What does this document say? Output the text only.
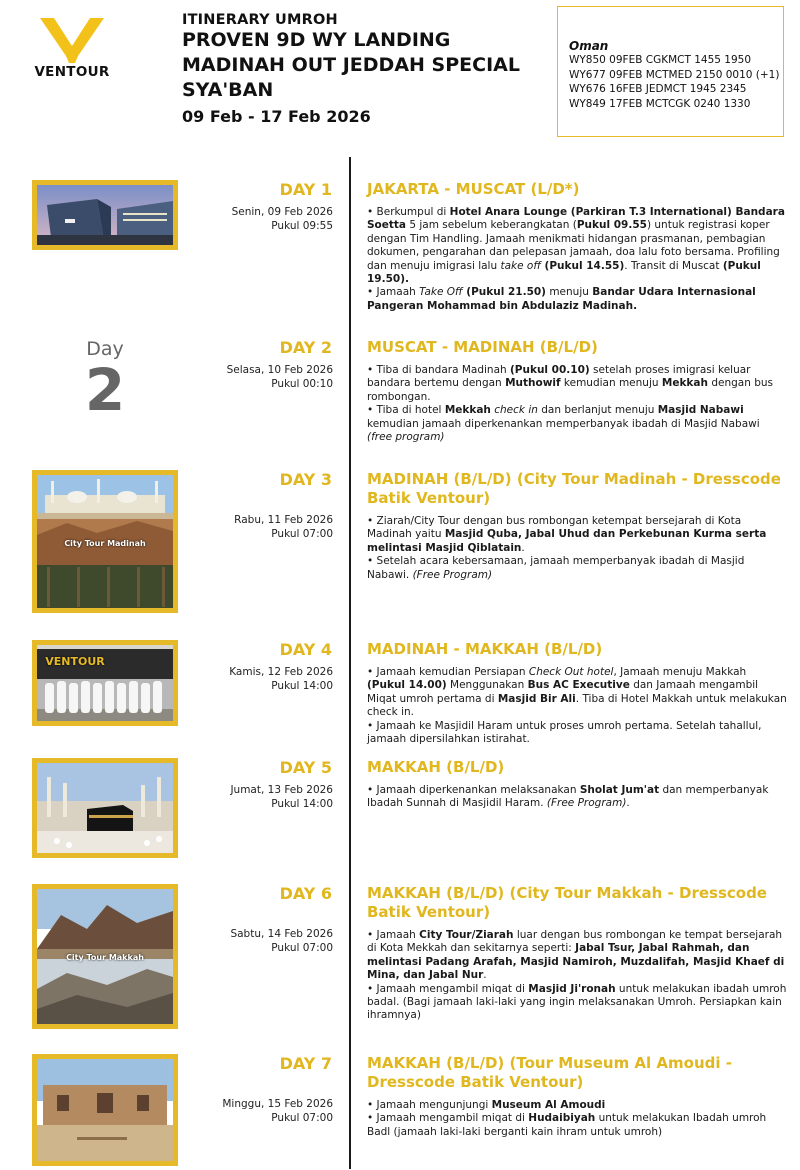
VENTOUR
ITINERARY UMROH
PROVEN 9D WY LANDING
MADINAH OUT JEDDAH SPECIAL
SYA'BAN
09 Feb - 17 Feb 2026
Oman
WY850 09FEB CGKMCT 1455 1950
WY677 09FEB MCTMED 2150 0010 (+1)
WY676 16FEB JEDMCT 1945 2345
WY849 17FEB MCTCGK 0240 1330
DAY 1
Senin, 09 Feb 2026
Pukul 09:55
JAKARTA - MUSCAT (L/D*)
• Berkumpul di Hotel Anara Lounge (Parkiran T.3 International) Bandara Soetta 5 jam sebelum keberangkatan (Pukul 09.55) untuk registrasi koper dengan Tim Handling. Jamaah menikmati hidangan prasmanan, pembagian dokumen, pengarahan dan pelepasan jamaah, doa lalu foto bersama. Profiling dan menuju imigrasi lalu take off (Pukul 14.55). Transit di Muscat (Pukul 19.50).
• Jamaah Take Off (Pukul 21.50) menuju Bandar Udara Internasional Pangeran Mohammad bin Abdulaziz Madinah.
Day
2
DAY 2
Selasa, 10 Feb 2026
Pukul 00:10
MUSCAT - MADINAH (B/L/D)
• Tiba di bandara Madinah (Pukul 00.10) setelah proses imigrasi keluar bandara bertemu dengan Muthowif kemudian menuju Mekkah dengan bus rombongan.
• Tiba di hotel Mekkah check in dan berlanjut menuju Masjid Nabawi kemudian jamaah diperkenankan memperbanyak ibadah di Masjid Nabawi (free program)
City Tour Madinah
DAY 3
Rabu, 11 Feb 2026
Pukul 07:00
MADINAH (B/L/D) (City Tour Madinah - Dresscode Batik Ventour)
• Ziarah/City Tour dengan bus rombongan ketempat bersejarah di Kota Madinah yaitu Masjid Quba, Jabal Uhud dan Perkebunan Kurma serta melintasi Masjid Qiblatain.
• Setelah acara kebersamaan, jamaah memperbanyak ibadah di Masjid Nabawi. (Free Program)
VENTOUR
DAY 4
Kamis, 12 Feb 2026
Pukul 14:00
MADINAH - MAKKAH (B/L/D)
• Jamaah kemudian Persiapan Check Out hotel, Jamaah menuju Makkah (Pukul 14.00) Menggunakan Bus AC Executive dan Jamaah mengambil Miqat umroh pertama di Masjid Bir Ali. Tiba di Hotel Makkah untuk melakukan check in.
• Jamaah ke Masjidil Haram untuk proses umroh pertama. Setelah tahallul, jamaah dipersilahkan istirahat.
DAY 5
Jumat, 13 Feb 2026
Pukul 14:00
MAKKAH (B/L/D)
• Jamaah diperkenankan melaksanakan Sholat Jum'at dan memperbanyak Ibadah Sunnah di Masjidil Haram. (Free Program).
City Tour Makkah
DAY 6
Sabtu, 14 Feb 2026
Pukul 07:00
MAKKAH (B/L/D) (City Tour Makkah - Dresscode Batik Ventour)
• Jamaah City Tour/Ziarah luar dengan bus rombongan ke tempat bersejarah di Kota Mekkah dan sekitarnya seperti: Jabal Tsur, Jabal Rahmah, dan melintasi Padang Arafah, Masjid Namiroh, Muzdalifah, Masjid Khaef di Mina, dan Jabal Nur.
• Jamaah mengambil miqat di Masjid Ji'ronah untuk melakukan ibadah umroh badal. (Bagi jamaah laki-laki yang ingin melaksanakan Umroh. Persiapkan kain ihramnya)
DAY 7
Minggu, 15 Feb 2026
Pukul 07:00
MAKKAH (B/L/D) (Tour Museum Al Amoudi - Dresscode Batik Ventour)
• Jamaah mengunjungi Museum Al Amoudi
• Jamaah mengambil miqat di Hudaibiyah untuk melakukan Ibadah umroh Badl (jamaah laki-laki berganti kain ihram untuk umroh)
